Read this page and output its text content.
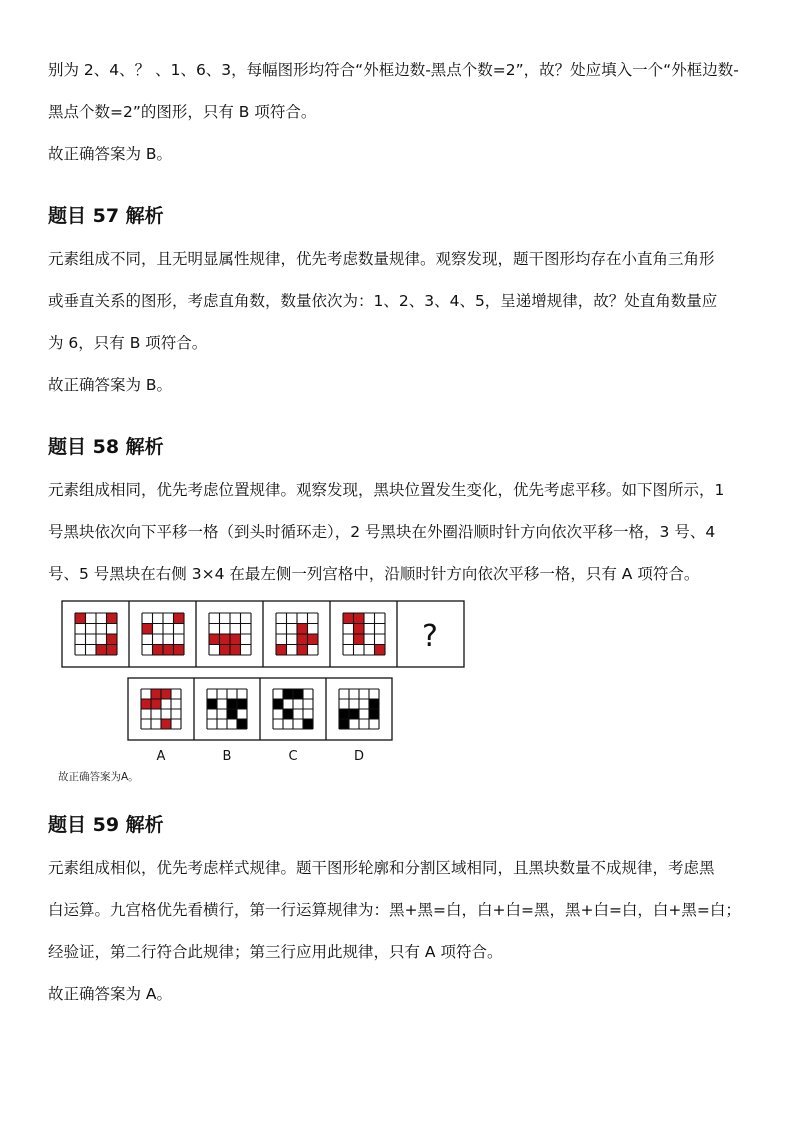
别为 2、4、？ 、1、6、3，每幅图形均符合“外框边数-黑点个数=2”，故？处应填入一个“外框边数-
黑点个数=2”的图形，只有 B 项符合。
故正确答案为 B。
题目 57 解析
元素组成不同，且无明显属性规律，优先考虑数量规律。观察发现，题干图形均存在小直角三角形
或垂直关系的图形，考虑直角数，数量依次为：1、2、3、4、5，呈递增规律，故？处直角数量应
为 6，只有 B 项符合。
故正确答案为 B。
题目 58 解析
元素组成相同，优先考虑位置规律。观察发现，黑块位置发生变化，优先考虑平移。如下图所示，1
号黑块依次向下平移一格（到头时循环走），2 号黑块在外圈沿顺时针方向依次平移一格，3 号、4
号、5 号黑块在右侧 3×4 在最左侧一列宫格中，沿顺时针方向依次平移一格，只有 A 项符合。
?
A	B	C	D
故正确答案为A。
题目 59 解析
元素组成相似，优先考虑样式规律。题干图形轮廓和分割区域相同，且黑块数量不成规律，考虑黑
白运算。九宫格优先看横行，第一行运算规律为：黑+黑=白，白+白=黑，黑+白=白，白+黑=白；
经验证，第二行符合此规律；第三行应用此规律，只有 A 项符合。
故正确答案为 A。
